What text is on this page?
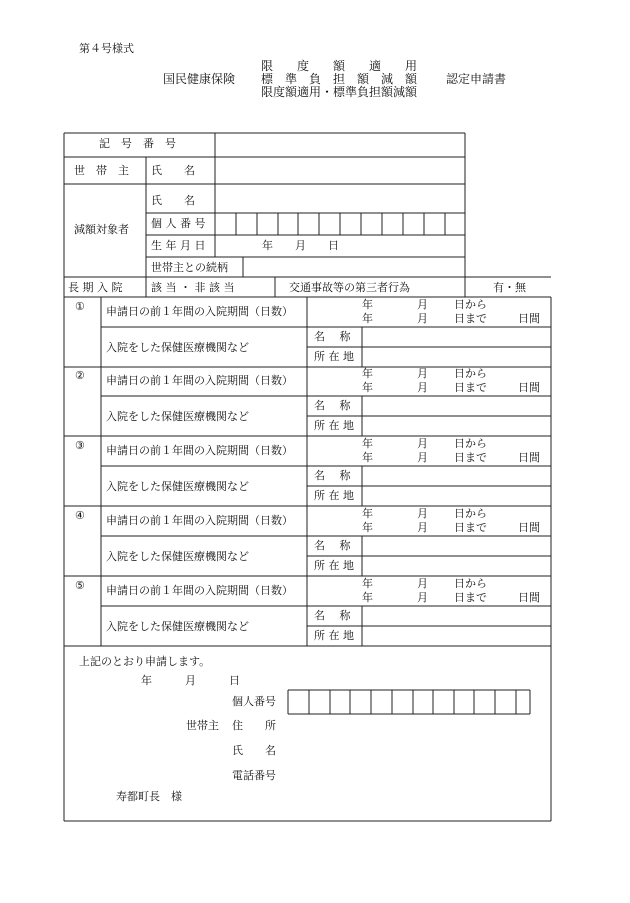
第４号様式
国民健康保険
限　　度　　額　　適　　用
標　準　負　担　額　減　額
限度額適用・標準負担額減額
認定申請書
記　号　番　号
世　帯　主 氏　　名
氏　　名
減額対象者 個 人 番 号
生 年 月 日	年　　月　　日
世帯主との続柄
長 期 入 院	該 当 ・ 非 該 当	交通事故等の第三者行為	有・無
① 申請日の前１年間の入院期間（日数）
年　　　　月 日から
年　　　　月 日まで	日間
入院をした保健医療機関など
名　 称
所 在 地
② 申請日の前１年間の入院期間（日数）
年　　　　月 日から
年　　　　月 日まで	日間
入院をした保健医療機関など
名　 称
所 在 地
③ 申請日の前１年間の入院期間（日数）
年　　　　月 日から
年　　　　月 日まで	日間
入院をした保健医療機関など
名　 称
所 在 地
④ 申請日の前１年間の入院期間（日数）
年　　　　月 日から
年　　　　月 日まで	日間
入院をした保健医療機関など
名　 称
所 在 地
⑤ 申請日の前１年間の入院期間（日数）
年　　　　月 日から
年　　　　月 日まで	日間
入院をした保健医療機関など
名　 称
所 在 地
上記のとおり申請します。
年　　　月　　　日
個人番号
世帯主 住　　所
氏　　名
電話番号
寿都町長　様
